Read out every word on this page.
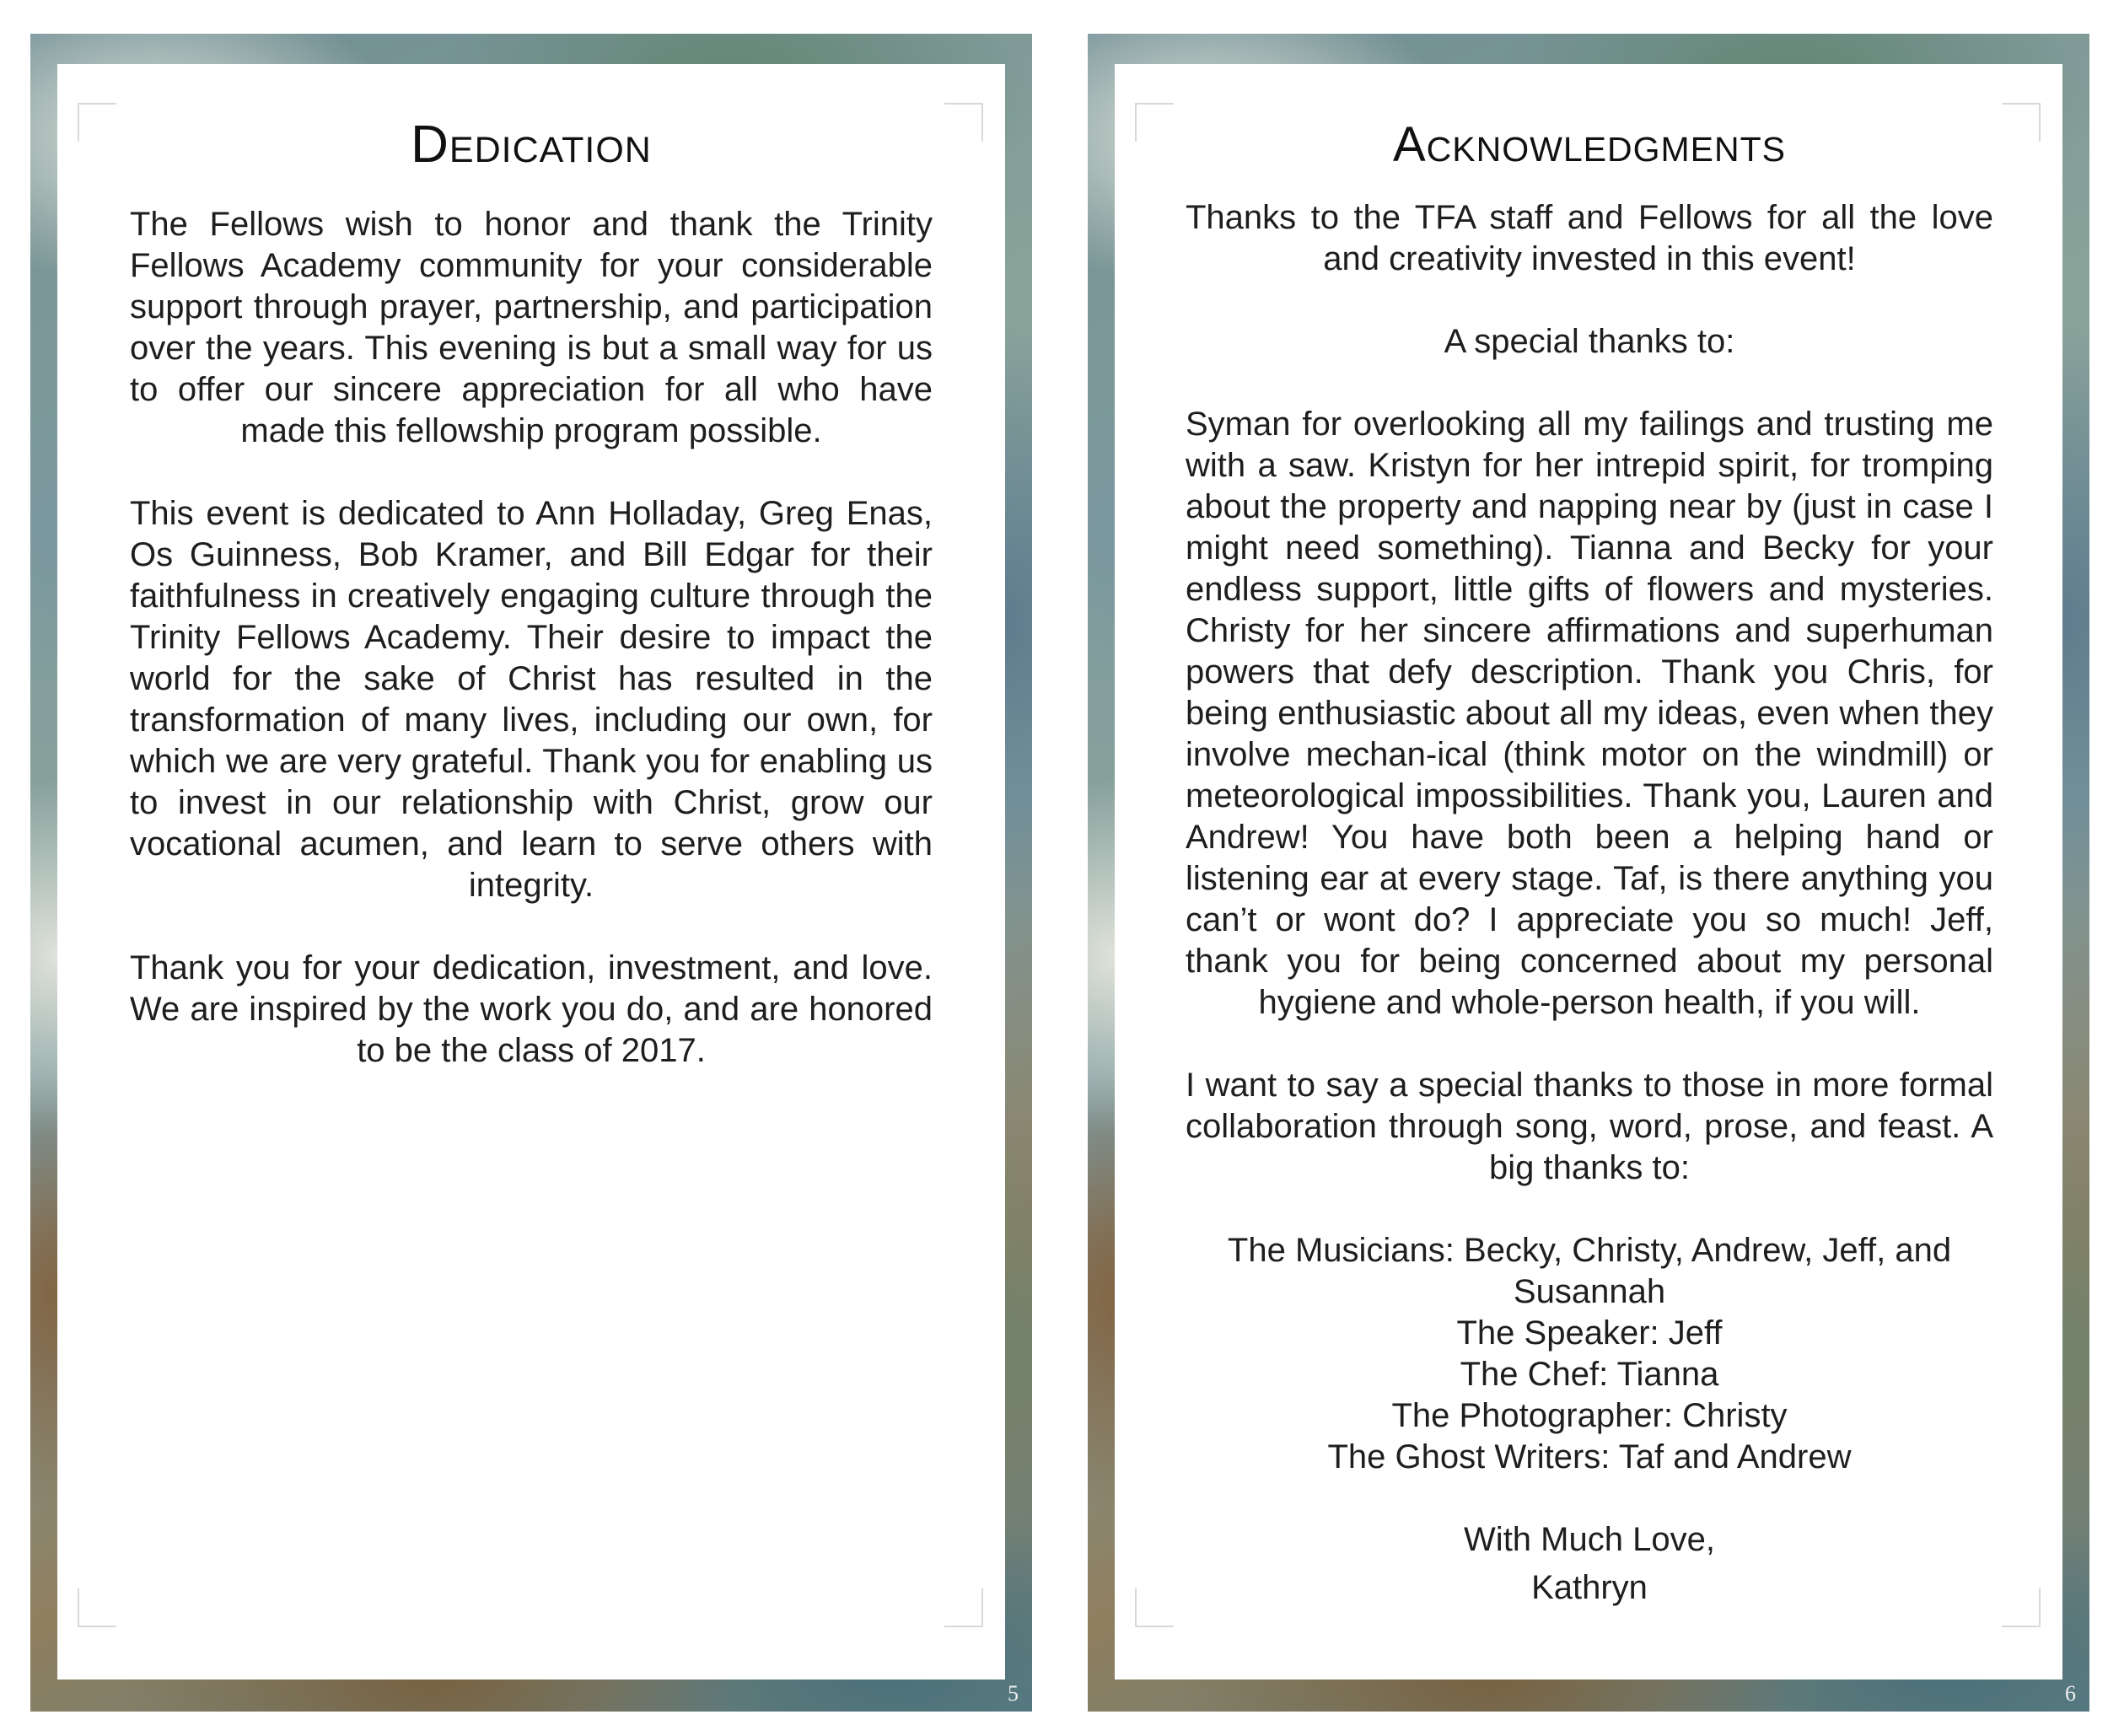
Dedication

The Fellows wish to honor and thank the Trinity Fellows Academy community for your considerable support through prayer, partnership, and participation over the years. This evening is but a small way for us to offer our sincere appreciation for all who have made this fellowship program possible.

This event is dedicated to Ann Holladay, Greg Enas, Os Guinness, Bob Kramer, and Bill Edgar for their faithfulness in creatively engaging culture through the Trinity Fellows Academy. Their desire to impact the world for the sake of Christ has resulted in the transformation of many lives, including our own, for which we are very grateful. Thank you for enabling us to invest in our relationship with Christ, grow our vocational acumen, and learn to serve others with integrity.

Thank you for your dedication, investment, and love. We are inspired by the work you do, and are honored to be the class of 2017.

5
Acknowledgments

Thanks to the TFA staff and Fellows for all the love and creativity invested in this event!

A special thanks to:

Syman for overlooking all my failings and trusting me with a saw. Kristyn for her intrepid spirit, for tromping about the property and napping near by (just in case I might need something). Tianna and Becky for your endless support, little gifts of flowers and mysteries. Christy for her sincere affirmations and superhuman powers that defy description. Thank you Chris, for being enthusiastic about all my ideas, even when they involve mechan-ical (think motor on the windmill) or meteorological impossibilities. Thank you, Lauren and Andrew! You have both been a helping hand or listening ear at every stage. Taf, is there anything you can’t or wont do? I appreciate you so much! Jeff, thank you for being concerned about my personal hygiene and whole-person health, if you will.

I want to say a special thanks to those in more formal collaboration through song, word, prose, and feast. A big thanks to:

The Musicians: Becky, Christy, Andrew, Jeff, and Susannah

The Speaker: Jeff

The Chef: Tianna

The Photographer: Christy

The Ghost Writers: Taf and Andrew

With Much Love,

Kathryn

6
